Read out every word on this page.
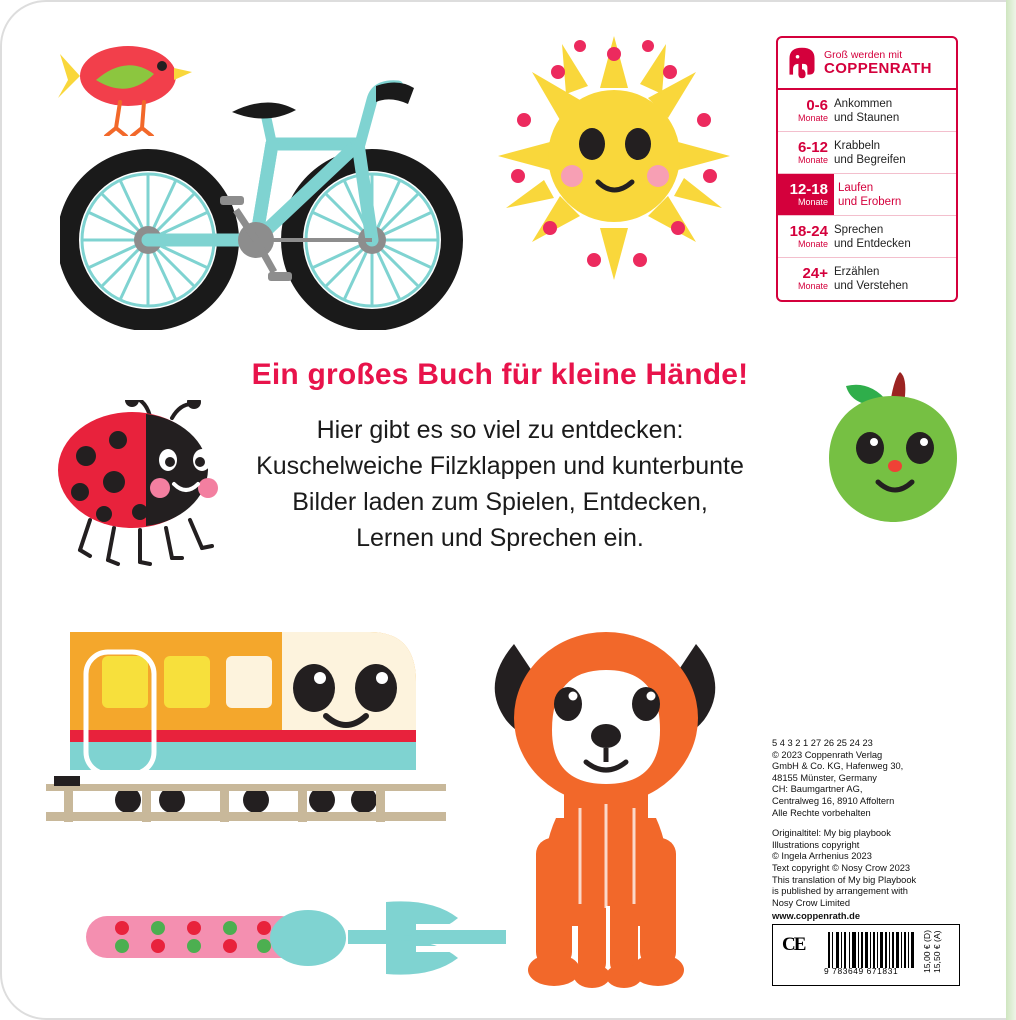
Ein großes Buch für kleine Hände!
Hier gibt es so viel zu entdecken:
Kuschelweiche Filzklappen und kunterbunte
Bilder laden zum Spielen, Entdecken,
Lernen und Sprechen ein.
Groß werden mit
COPPENRATH
0-6
Monate
Ankommen
und Staunen
6-12
Monate
Krabbeln
und Begreifen
12-18
Monate
Laufen
und Erobern
18-24
Monate
Sprechen
und Entdecken
24+
Monate
Erzählen
und Verstehen

5 4 3 2 1 27 26 25 24 23

© 2023 Coppenrath Verlag

GmbH & Co. KG, Hafenweg 30,

48155 Münster, Germany

CH: Baumgartner AG,

Centralweg 16, 8910 Affoltern

Alle Rechte vorbehalten

Originaltitel: My big playbook

Illustrations copyright

© Ingela Arrhenius 2023

Text copyright © Nosy Crow 2023

This translation of My big Playbook

is published by arrangement with

Nosy Crow Limited

www.coppenrath.de

CE
9 783649 671831	15,00 € (D)
15,50 € (A)
